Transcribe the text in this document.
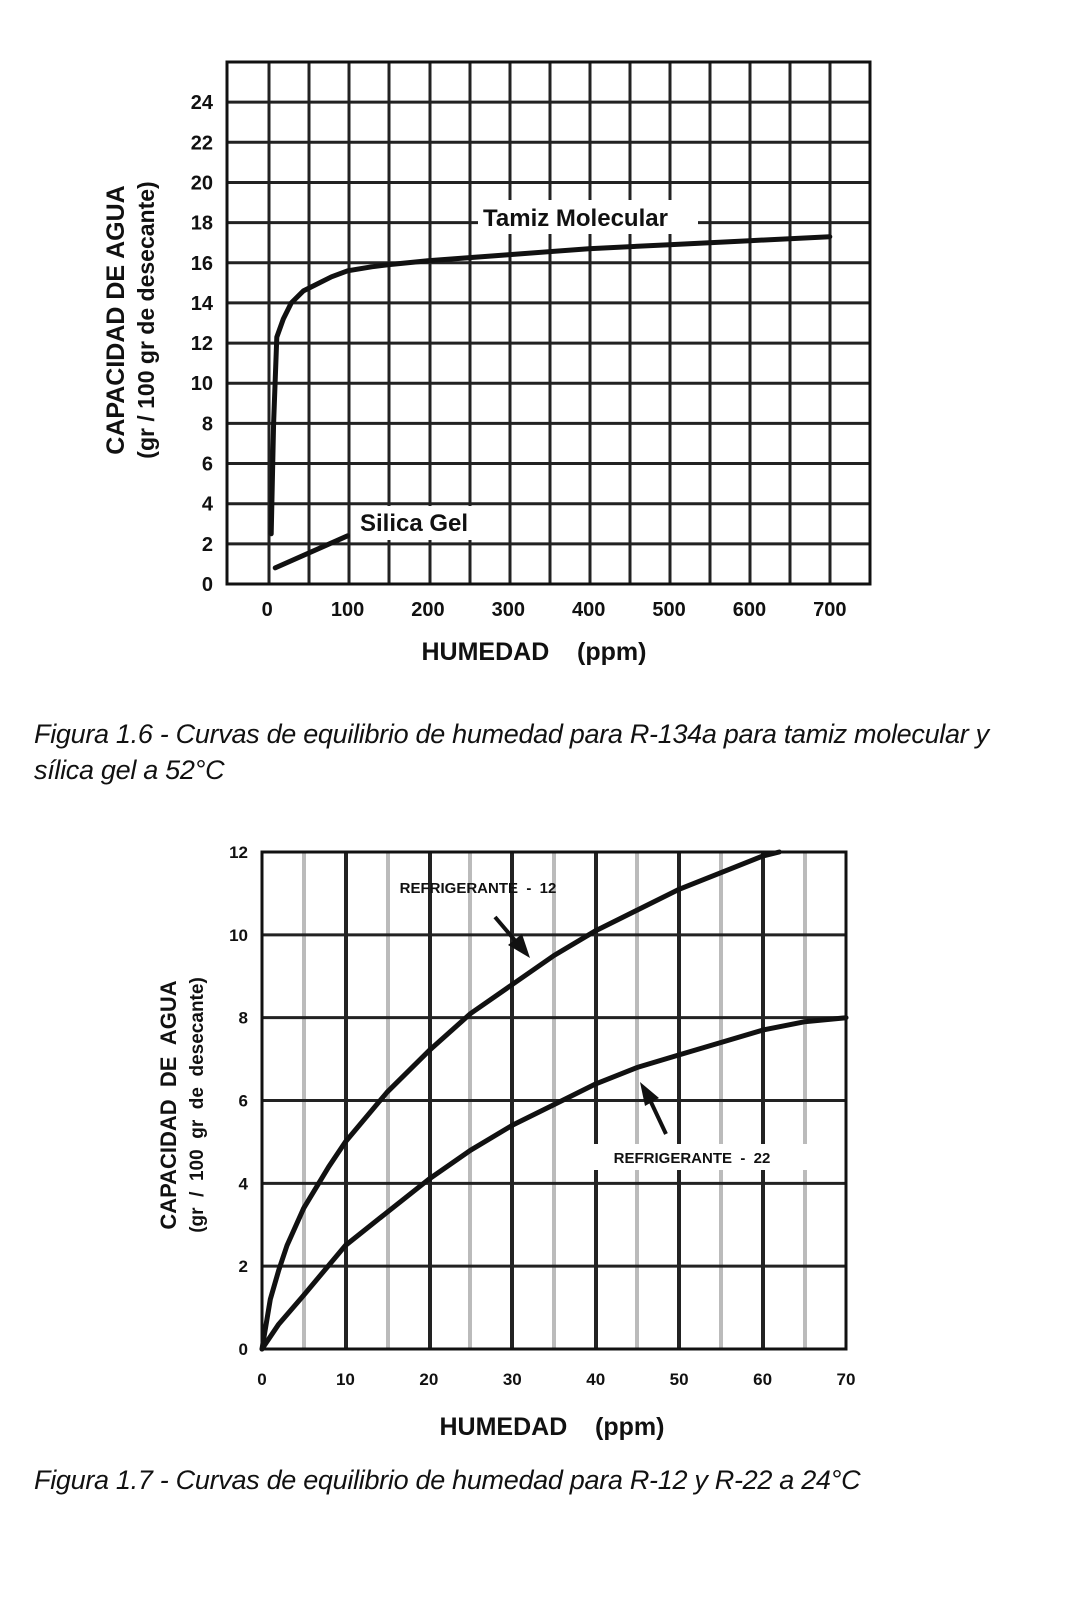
0
2
4
6
8
10
12
14
16
18
20
22
24
0	100 200 300 400 500 600 700
Tamiz Molecular
Silica Gel
CAPACIDAD DE AGUA (gr / 100 gr de desecante)
HUMEDAD    (ppm)
0
2
4
6
8
10
12
0	10	20	30	40	50	60	70
REFRIGERANTE  -  12
REFRIGERANTE  -  22
CAPACIDAD  DE  AGUA (gr  /  100  gr  de  desecante)
HUMEDAD    (ppm)
Figura 1.6 - Curvas de equilibrio de humedad para R-134a para tamiz molecular y sílica gel a 52°C
Figura 1.7 - Curvas de equilibrio de humedad para R-12 y R-22 a 24°C
